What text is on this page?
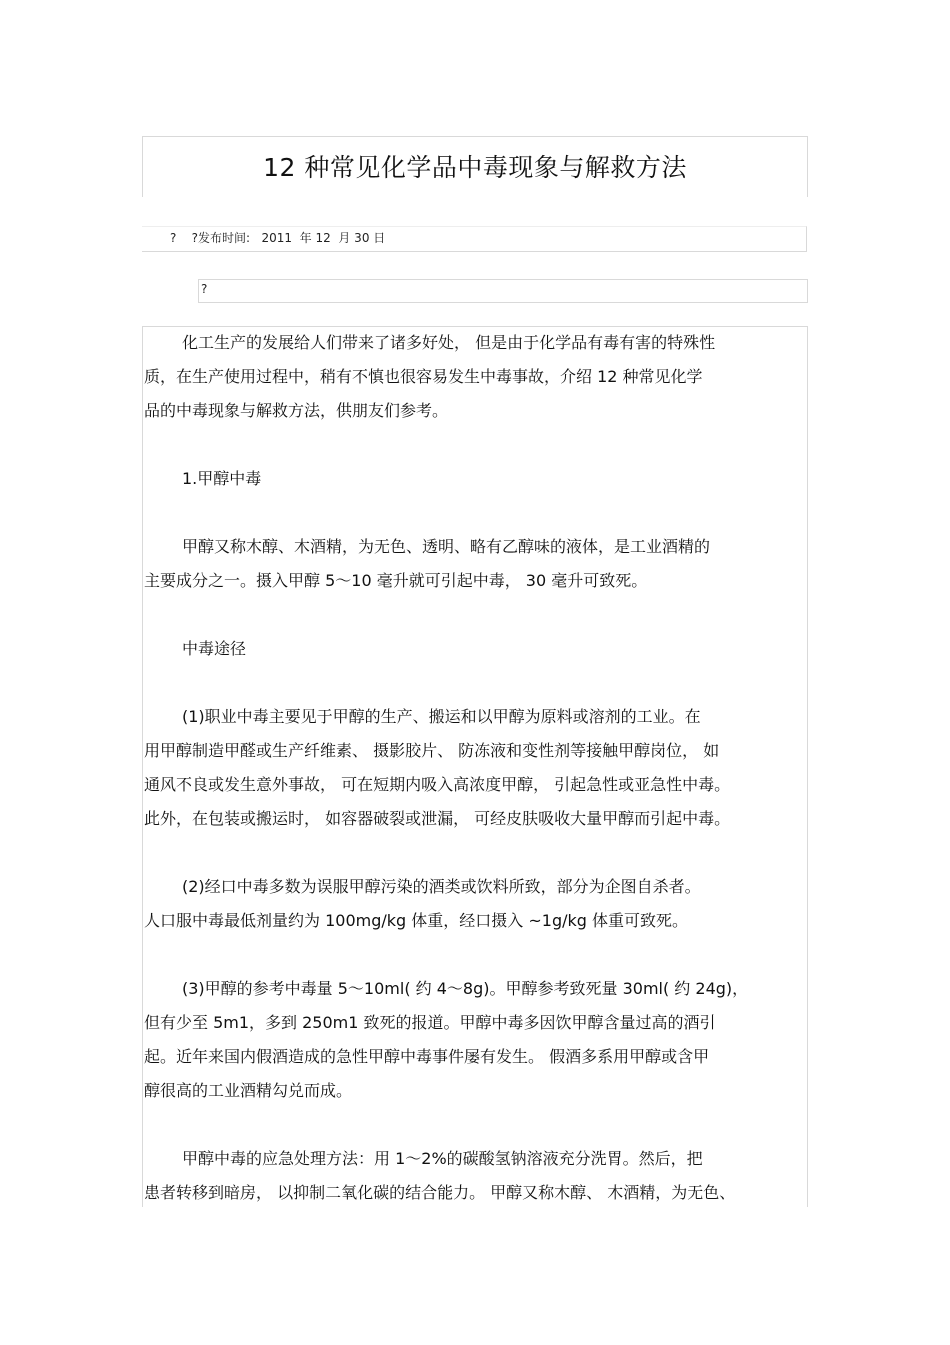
12 种常见化学品中毒现象与解救方法
?    ?发布时间:   2011  年 12  月 30 日
?

化工生产的发展给人们带来了诸多好处， 但是由于化学品有毒有害的特殊性

质，在生产使用过程中，稍有不慎也很容易发生中毒事故，介绍 12 种常见化学

品的中毒现象与解救方法，供朋友们参考。

1.甲醇中毒

甲醇又称木醇、木酒精，为无色、透明、略有乙醇味的液体，是工业酒精的

主要成分之一。摄入甲醇 5～10 毫升就可引起中毒， 30 毫升可致死。

中毒途径

(1)职业中毒主要见于甲醇的生产、搬运和以甲醇为原料或溶剂的工业。在

用甲醇制造甲醛或生产纤维素、 摄影胶片、 防冻液和变性剂等接触甲醇岗位， 如

通风不良或发生意外事故， 可在短期内吸入高浓度甲醇， 引起急性或亚急性中毒。

此外，在包装或搬运时， 如容器破裂或泄漏， 可经皮肤吸收大量甲醇而引起中毒。

(2)经口中毒多数为误服甲醇污染的酒类或饮料所致，部分为企图自杀者。

人口服中毒最低剂量约为 100mg/kg 体重，经口摄入 ~1g/kg 体重可致死。

(3)甲醇的参考中毒量 5～10ml( 约 4～8g)。甲醇参考致死量 30ml( 约 24g)，

但有少至 5m1，多到 250m1 致死的报道。甲醇中毒多因饮甲醇含量过高的酒引

起。近年来国内假酒造成的急性甲醇中毒事件屡有发生。 假酒多系用甲醇或含甲

醇很高的工业酒精勾兑而成。

甲醇中毒的应急处理方法：用 1～2%的碳酸氢钠溶液充分洗胃。然后，把

患者转移到暗房， 以抑制二氧化碳的结合能力。 甲醇又称木醇、 木酒精，为无色、
